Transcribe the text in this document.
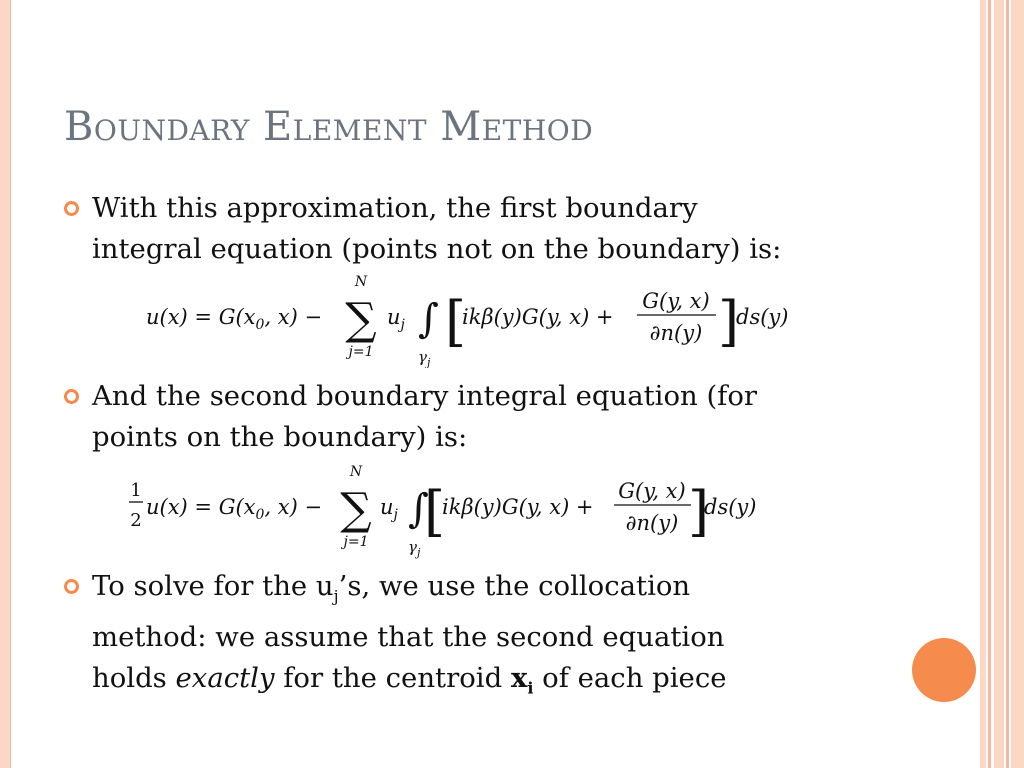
Boundary Element Method
With this approximation, the first boundary
integral equation (points not on the boundary) is:
$u(x) = G(x_0$, x) −
N
∑
j=1
$u_j$ ∫
$\gamma_j$
[
ikβ(y)G(y, x) +
G(y, x)
∂n(y) ]
ds(y)
And the second boundary integral equation (for
points on the boundary) is:
1
2
$u(x) = G(x_0$, x) −
N
∑
j=1
$u_j$ ∫
$\gamma_j$
[
ikβ(y)G(y, x) +
G(y, x)
∂n(y) ]
ds(y)
To solve for the $u_j’s$, we use the collocation
method: we assume that the second equation
holds exactly for the centroid $x_i$ of each piece
